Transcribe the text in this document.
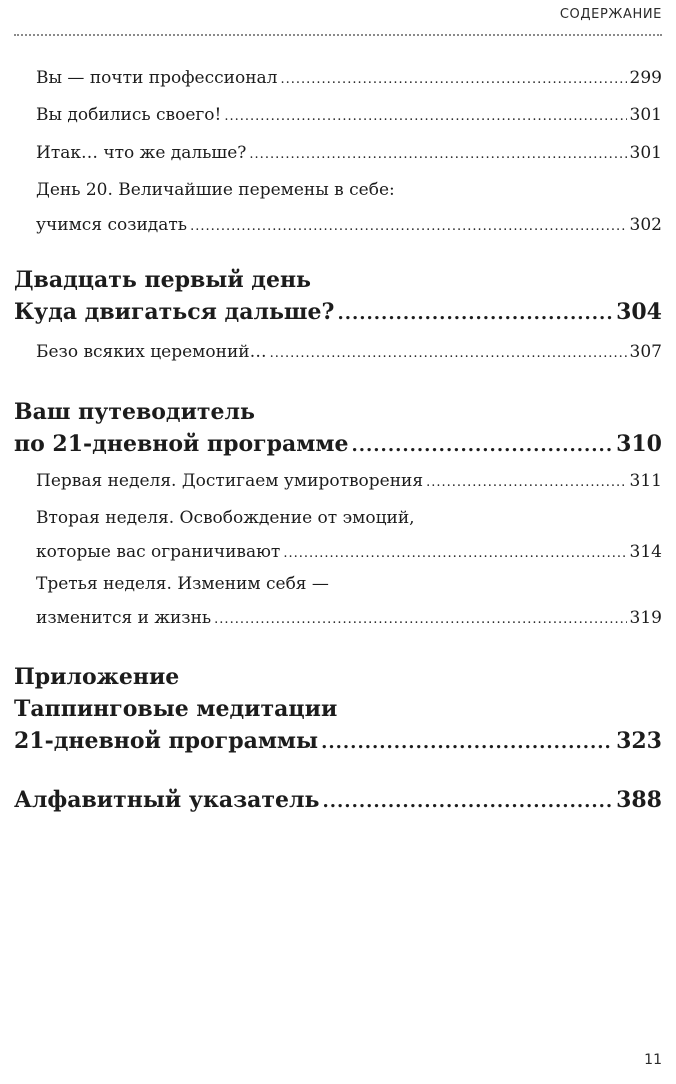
СОДЕРЖАНИЕ
Вы — почти профессионал .....	299
Вы добились своего! .....	301
Итак… что же дальше? .....	301
День 20. Величайшие перемены в себе:
учимся созидать .....	302
Двадцать первый день
Куда двигаться дальше? .....	304
Безо всяких церемоний… .....	307
Ваш путеводитель
по 21-дневной программе .....	310
Первая неделя. Достигаем умиротворения .....	311
Вторая неделя. Освобождение от эмоций,
которые вас ограничивают .....	314
Третья неделя. Изменим себя —
изменится и жизнь .....	319
Приложение
Таппинговые медитации
21-дневной программы .....	323
Алфавитный указатель .....	388
11
